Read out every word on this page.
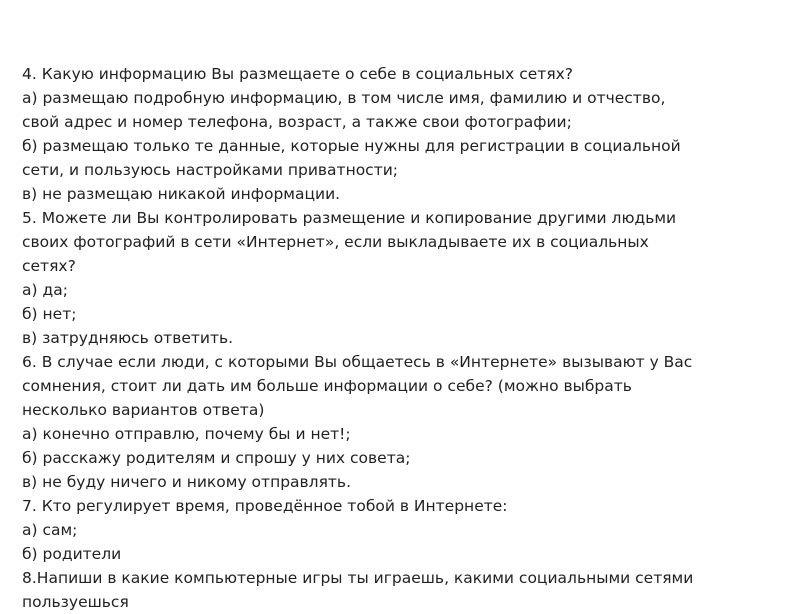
4. Какую информацию Вы размещаете о себе в социальных сетях?
а) размещаю подробную информацию, в том числе имя, фамилию и отчество,
свой адрес и номер телефона, возраст, а также свои фотографии;
б) размещаю только те данные, которые нужны для регистрации в социальной
сети, и пользуюсь настройками приватности;
в) не размещаю никакой информации.
5. Можете ли Вы контролировать размещение и копирование другими людьми
своих фотографий в сети «Интернет», если выкладываете их в социальных
сетях?
а) да;
б) нет;
в) затрудняюсь ответить.
6. В случае если люди, с которыми Вы общаетесь в «Интернете» вызывают у Вас
сомнения, стоит ли дать им больше информации о себе? (можно выбрать
несколько вариантов ответа)
а) конечно отправлю, почему бы и нет!;
б) расскажу родителям и спрошу у них совета;
в) не буду ничего и никому отправлять.
7. Кто регулирует время, проведённое тобой в Интернете:
а) сам;
б) родители
8.Напиши в какие компьютерные игры ты играешь, какими социальными сетями
пользуешься
